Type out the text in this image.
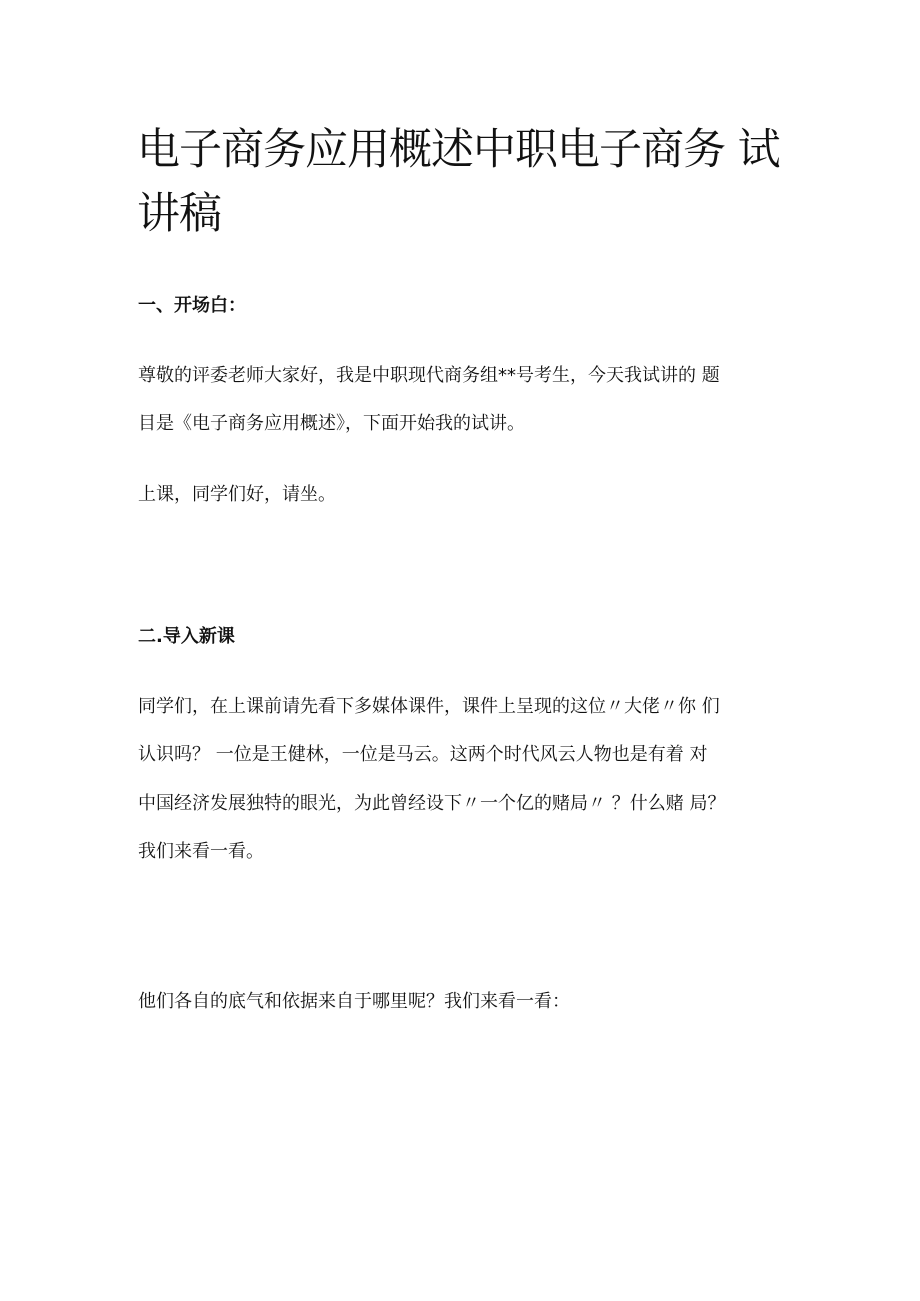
电子商务应用概述中职电子商务 试讲稿

一、开场白：

尊敬的评委老师大家好，我是中职现代商务组**号考生，今天我试讲的 题

目是《电子商务应用概述》，下面开始我的试讲。

上课，同学们好，请坐。

二.导入新课

同学们，在上课前请先看下多媒体课件，课件上呈现的这位〃大佬〃你 们

认识吗？ 一位是王健林，一位是马云。这两个时代风云人物也是有着 对

中国经济发展独特的眼光，为此曾经设下〃一个亿的赌局〃 ？什么赌 局？

我们来看一看。

他们各自的底气和依据来自于哪里呢？我们来看一看：
